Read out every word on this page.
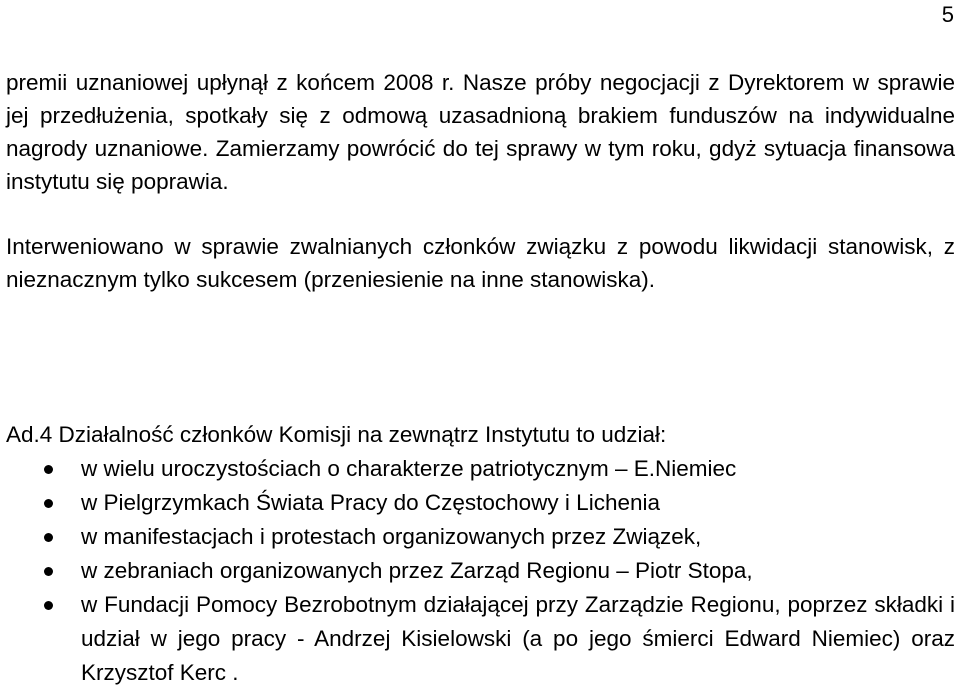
5

premii uznaniowej upłynął z końcem 2008 r. Nasze próby negocjacji z Dyrektorem w sprawie jej przedłużenia, spotkały się z odmową uzasadnioną brakiem funduszów na indywidualne nagrody uznaniowe. Zamierzamy powrócić do tej sprawy w tym roku, gdyż sytuacja finansowa instytutu się poprawia.

Interweniowano w sprawie zwalnianych członków związku z powodu likwidacji stanowisk, z nieznacznym tylko sukcesem (przeniesienie na inne stanowiska).

Ad.4 Działalność członków Komisji na zewnątrz Instytutu to udział:

w wielu uroczystościach o charakterze patriotycznym – E.Niemiec
w Pielgrzymkach Świata Pracy do Częstochowy i Lichenia
w manifestacjach i protestach organizowanych przez Związek,
w zebraniach organizowanych przez Zarząd Regionu – Piotr Stopa,
w Fundacji Pomocy Bezrobotnym działającej przy Zarządzie Regionu, poprzez składki i udział w jego pracy - Andrzej Kisielowski (a po jego śmierci Edward Niemiec) oraz Krzysztof Kerc .
